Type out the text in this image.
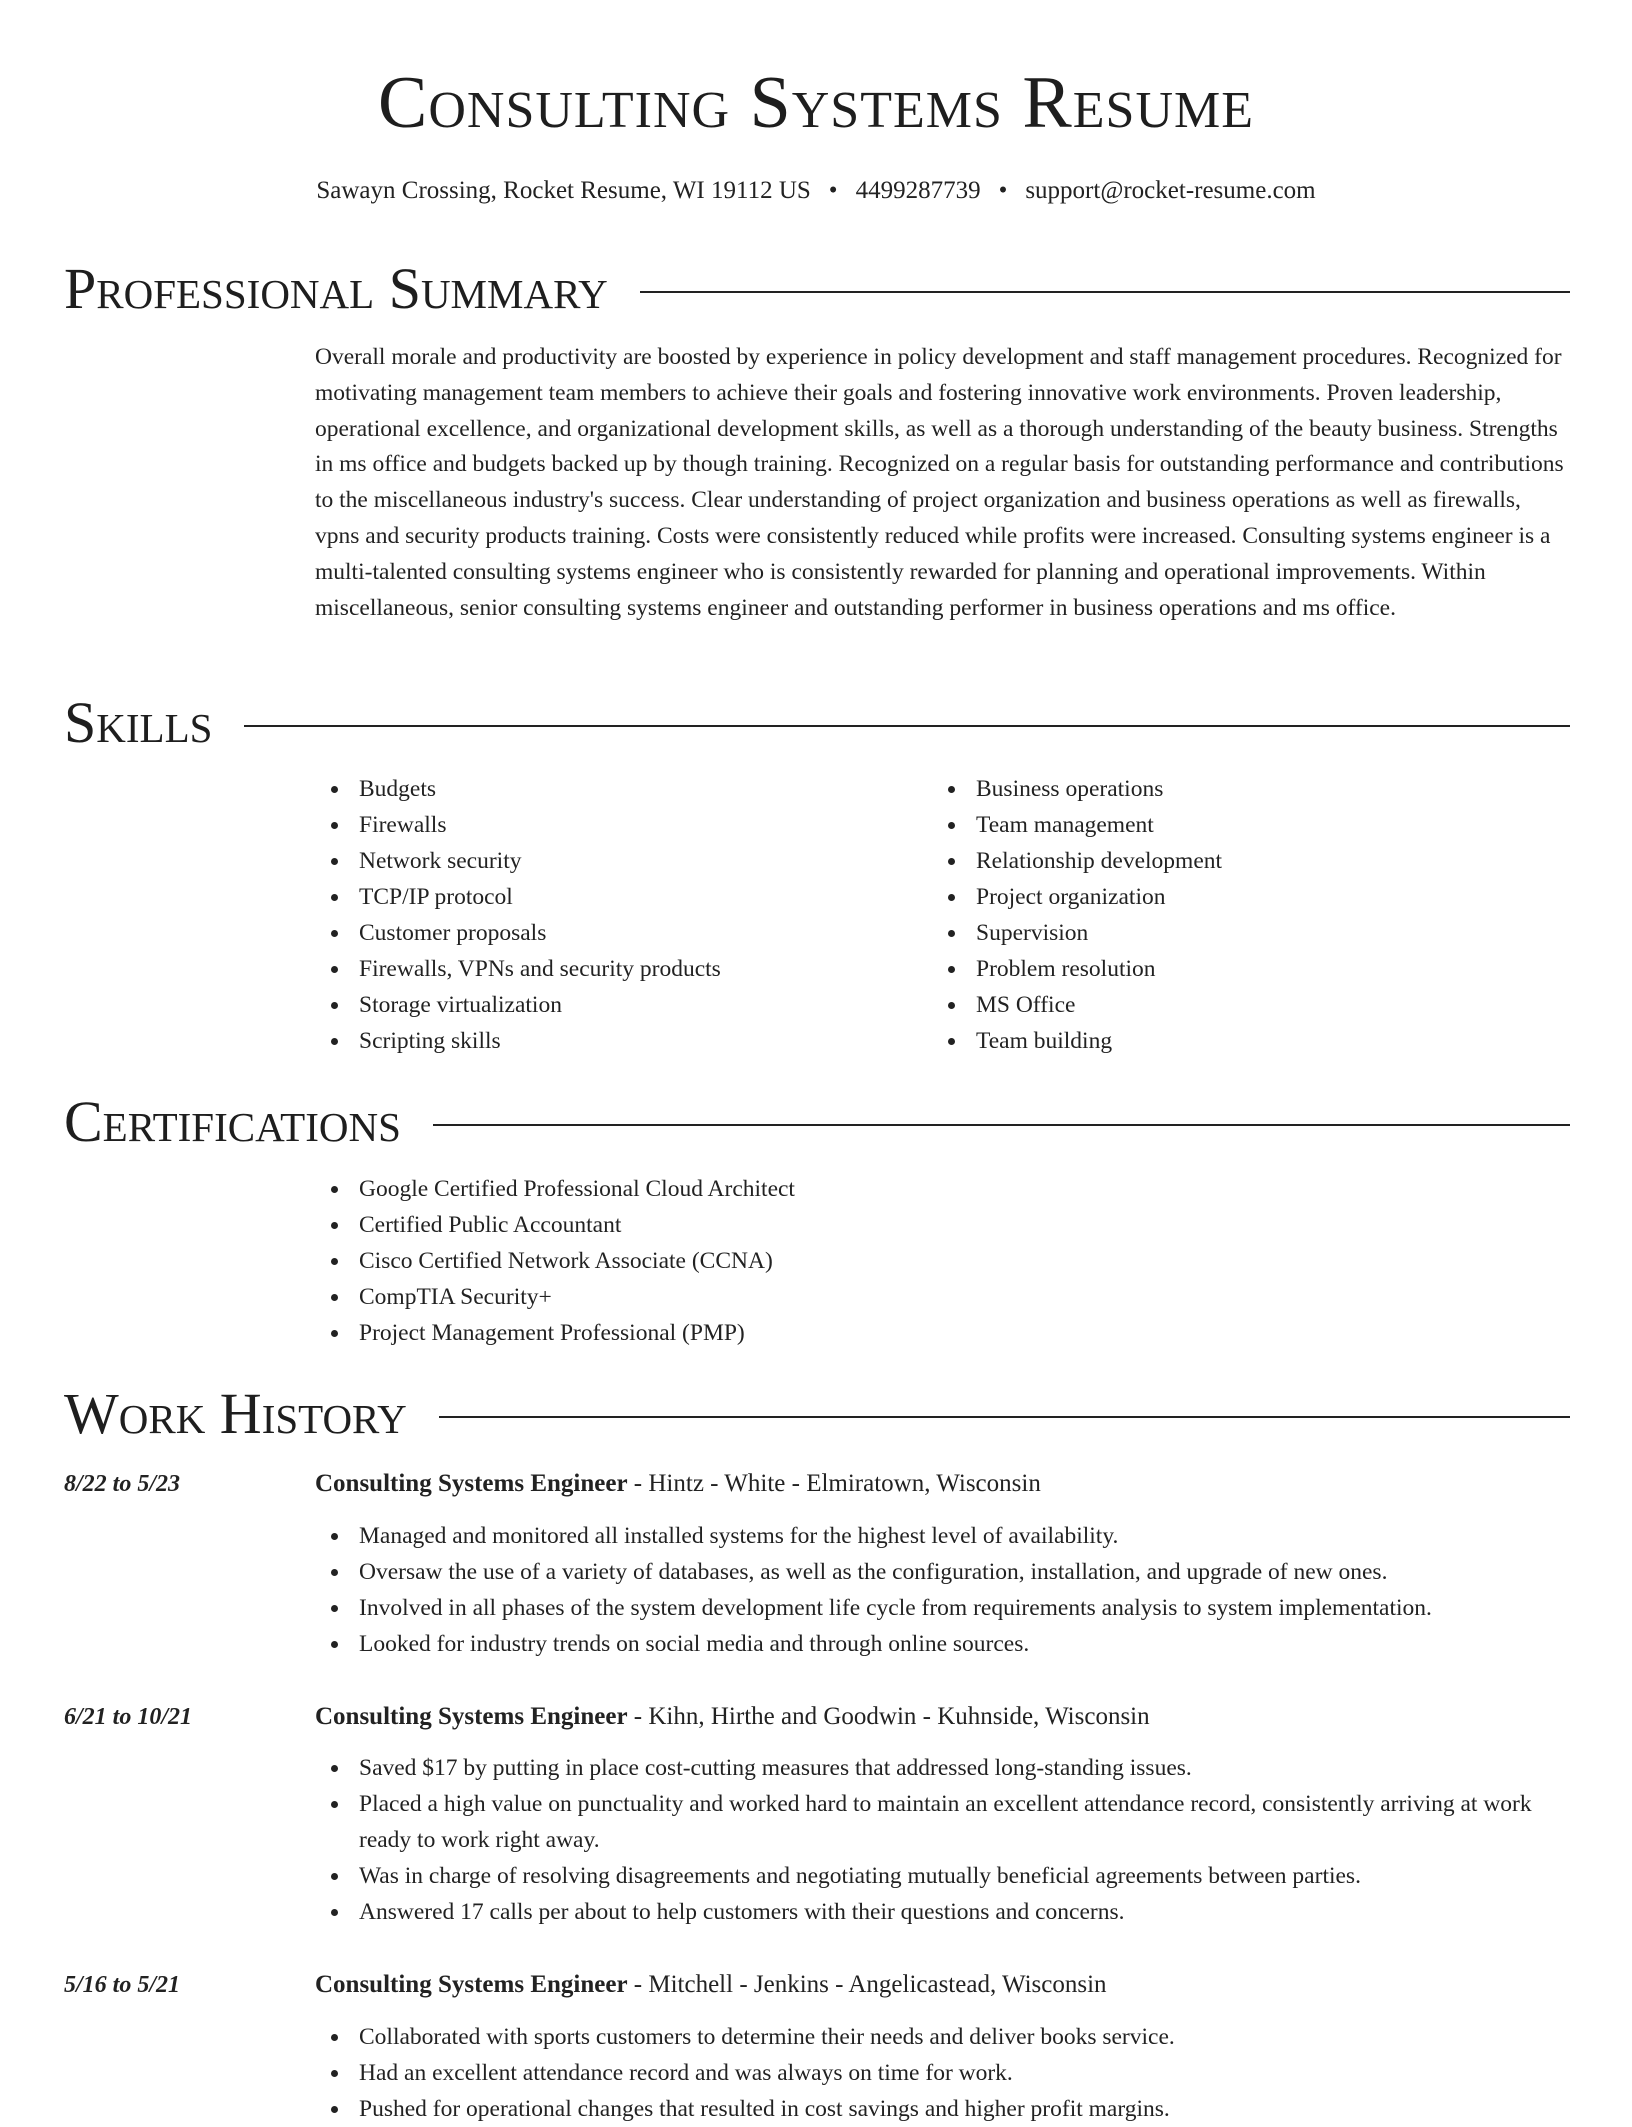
Consulting Systems Resume
Sawayn Crossing, Rocket Resume, WI 19112 US • 4499287739 • support@rocket-resume.com
Professional Summary
Overall morale and productivity are boosted by experience in policy development and staff management procedures. Recognized for motivating management team members to achieve their goals and fostering innovative work environments. Proven leadership, operational excellence, and organizational development skills, as well as a thorough understanding of the beauty business. Strengths in ms office and budgets backed up by though training. Recognized on a regular basis for outstanding performance and contributions to the miscellaneous industry's success. Clear understanding of project organization and business operations as well as firewalls, vpns and security products training. Costs were consistently reduced while profits were increased. Consulting systems engineer is a multi-talented consulting systems engineer who is consistently rewarded for planning and operational improvements. Within miscellaneous, senior consulting systems engineer and outstanding performer in business operations and ms office.
Skills
Budgets
Firewalls
Network security
TCP/IP protocol
Customer proposals
Firewalls, VPNs and security products
Storage virtualization
Scripting skills
Business operations
Team management
Relationship development
Project organization
Supervision
Problem resolution
MS Office
Team building
Certifications
Google Certified Professional Cloud Architect
Certified Public Accountant
Cisco Certified Network Associate (CCNA)
CompTIA Security+
Project Management Professional (PMP)
Work History
8/22 to 5/23	Consulting Systems Engineer - Hintz - White - Elmiratown, Wisconsin
Managed and monitored all installed systems for the highest level of availability.
Oversaw the use of a variety of databases, as well as the configuration, installation, and upgrade of new ones.
Involved in all phases of the system development life cycle from requirements analysis to system implementation.
Looked for industry trends on social media and through online sources.
6/21 to 10/21	Consulting Systems Engineer - Kihn, Hirthe and Goodwin - Kuhnside, Wisconsin
Saved $17 by putting in place cost-cutting measures that addressed long-standing issues.
Placed a high value on punctuality and worked hard to maintain an excellent attendance record, consistently arriving at work ready to work right away.
Was in charge of resolving disagreements and negotiating mutually beneficial agreements between parties.
Answered 17 calls per about to help customers with their questions and concerns.
5/16 to 5/21	Consulting Systems Engineer - Mitchell - Jenkins - Angelicastead, Wisconsin
Collaborated with sports customers to determine their needs and deliver books service.
Had an excellent attendance record and was always on time for work.
Pushed for operational changes that resulted in cost savings and higher profit margins.
